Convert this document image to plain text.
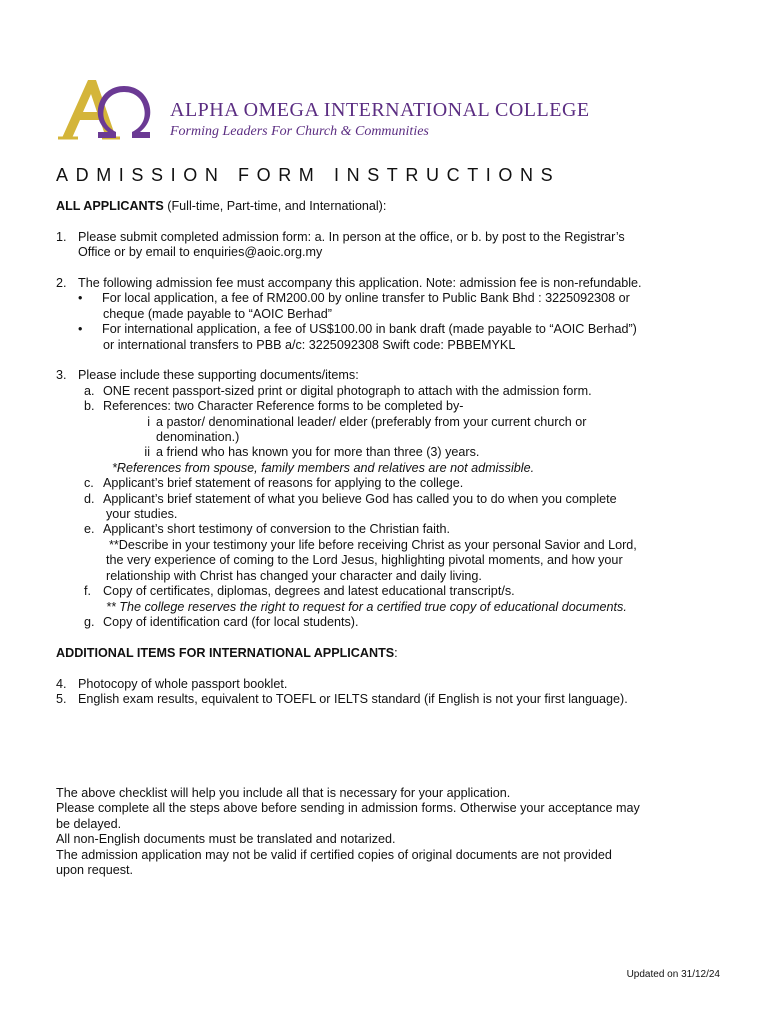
ALPHA OMEGA INTERNATIONAL COLLEGE
Forming Leaders For Church & Communities
ADMISSION FORM INSTRUCTIONS

ALL APPLICANTS (Full-time, Part-time, and International):

1. Please submit completed admission form: a. In person at the office, or b. by post to the Registrar’s
Office or by email to enquiries@aoic.org.my
2. The following admission fee must accompany this application. Note: admission fee is non-refundable.
•	For local application, a fee of RM200.00 by online transfer to Public Bank Bhd : 3225092308 or
cheque (made payable to “AOIC Berhad”
•	For international application, a fee of US$100.00 in bank draft (made payable to “AOIC Berhad”)
or international transfers to PBB a/c: 3225092308 Swift code: PBBEMYKL
3. Please include these supporting documents/items:
a. ONE recent passport-sized print or digital photograph to attach with the admission form.
b. References: two Character Reference forms to be completed by-
i a pastor/ denominational leader/ elder (preferably from your current church or
denomination.)
ii a friend who has known you for more than three (3) years.
*References from spouse, family members and relatives are not admissible.
c. Applicant’s brief statement of reasons for applying to the college.
d. Applicant’s brief statement of what you believe God has called you to do when you complete
your studies.
e. Applicant’s short testimony of conversion to the Christian faith.
**Describe in your testimony your life before receiving Christ as your personal Savior and Lord,
the very experience of coming to the Lord Jesus, highlighting pivotal moments, and how your
relationship with Christ has changed your character and daily living.
f. Copy of certificates, diplomas, degrees and latest educational transcript/s.
** The college reserves the right to request for a certified true copy of educational documents.
g. Copy of identification card (for local students).

ADDITIONAL ITEMS FOR INTERNATIONAL APPLICANTS:

4. Photocopy of whole passport booklet.
5. English exam results, equivalent to TOEFL or IELTS standard (if English is not your first language).
The above checklist will help you include all that is necessary for your application.
Please complete all the steps above before sending in admission forms. Otherwise your acceptance may
be delayed.
All non-English documents must be translated and notarized.
The admission application may not be valid if certified copies of original documents are not provided
upon request.
Updated on 31/12/24
